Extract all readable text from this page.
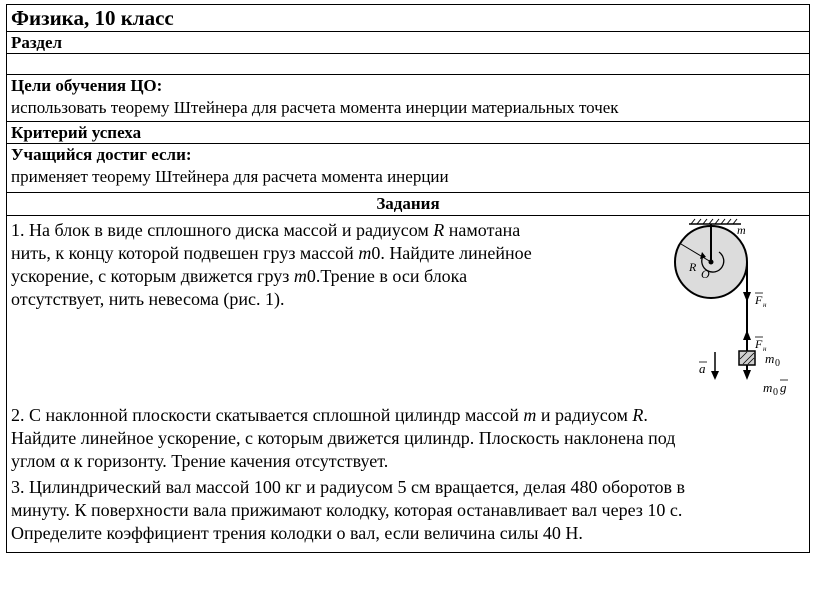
Физика, 10 класс
Раздел

Цели обучения ЦО:
использовать теорему Штейнера для расчета момента инерции материальных точек

Критерий успеха

Учащийся достиг если:
применяет теорему Штейнера для расчета момента инерции

Задания

1. На блок в виде сплошного диска массой и радиусом R намотана
нить, к концу которой подвешен груз массой m0. Найдите линейное
ускорение, с которым движется груз m0.Трение в оси блока
отсутствует, нить невесома (рис. 1).
R O
m
F н
F н
m 0
m 0 g
a
2. С наклонной плоскости скатывается сплошной цилиндр массой m и радиусом R.
Найдите линейное ускорение, с которым движется цилиндр. Плоскость наклонена под
углом α к горизонту. Трение качения отсутствует.
3. Цилиндрический вал массой 100 кг и радиусом 5 см вращается, делая 480 оборотов в
минуту. К поверхности вала прижимают колодку, которая останавливает вал через 10 с.
Определите коэффициент трения колодки о вал, если величина силы 40 Н.
